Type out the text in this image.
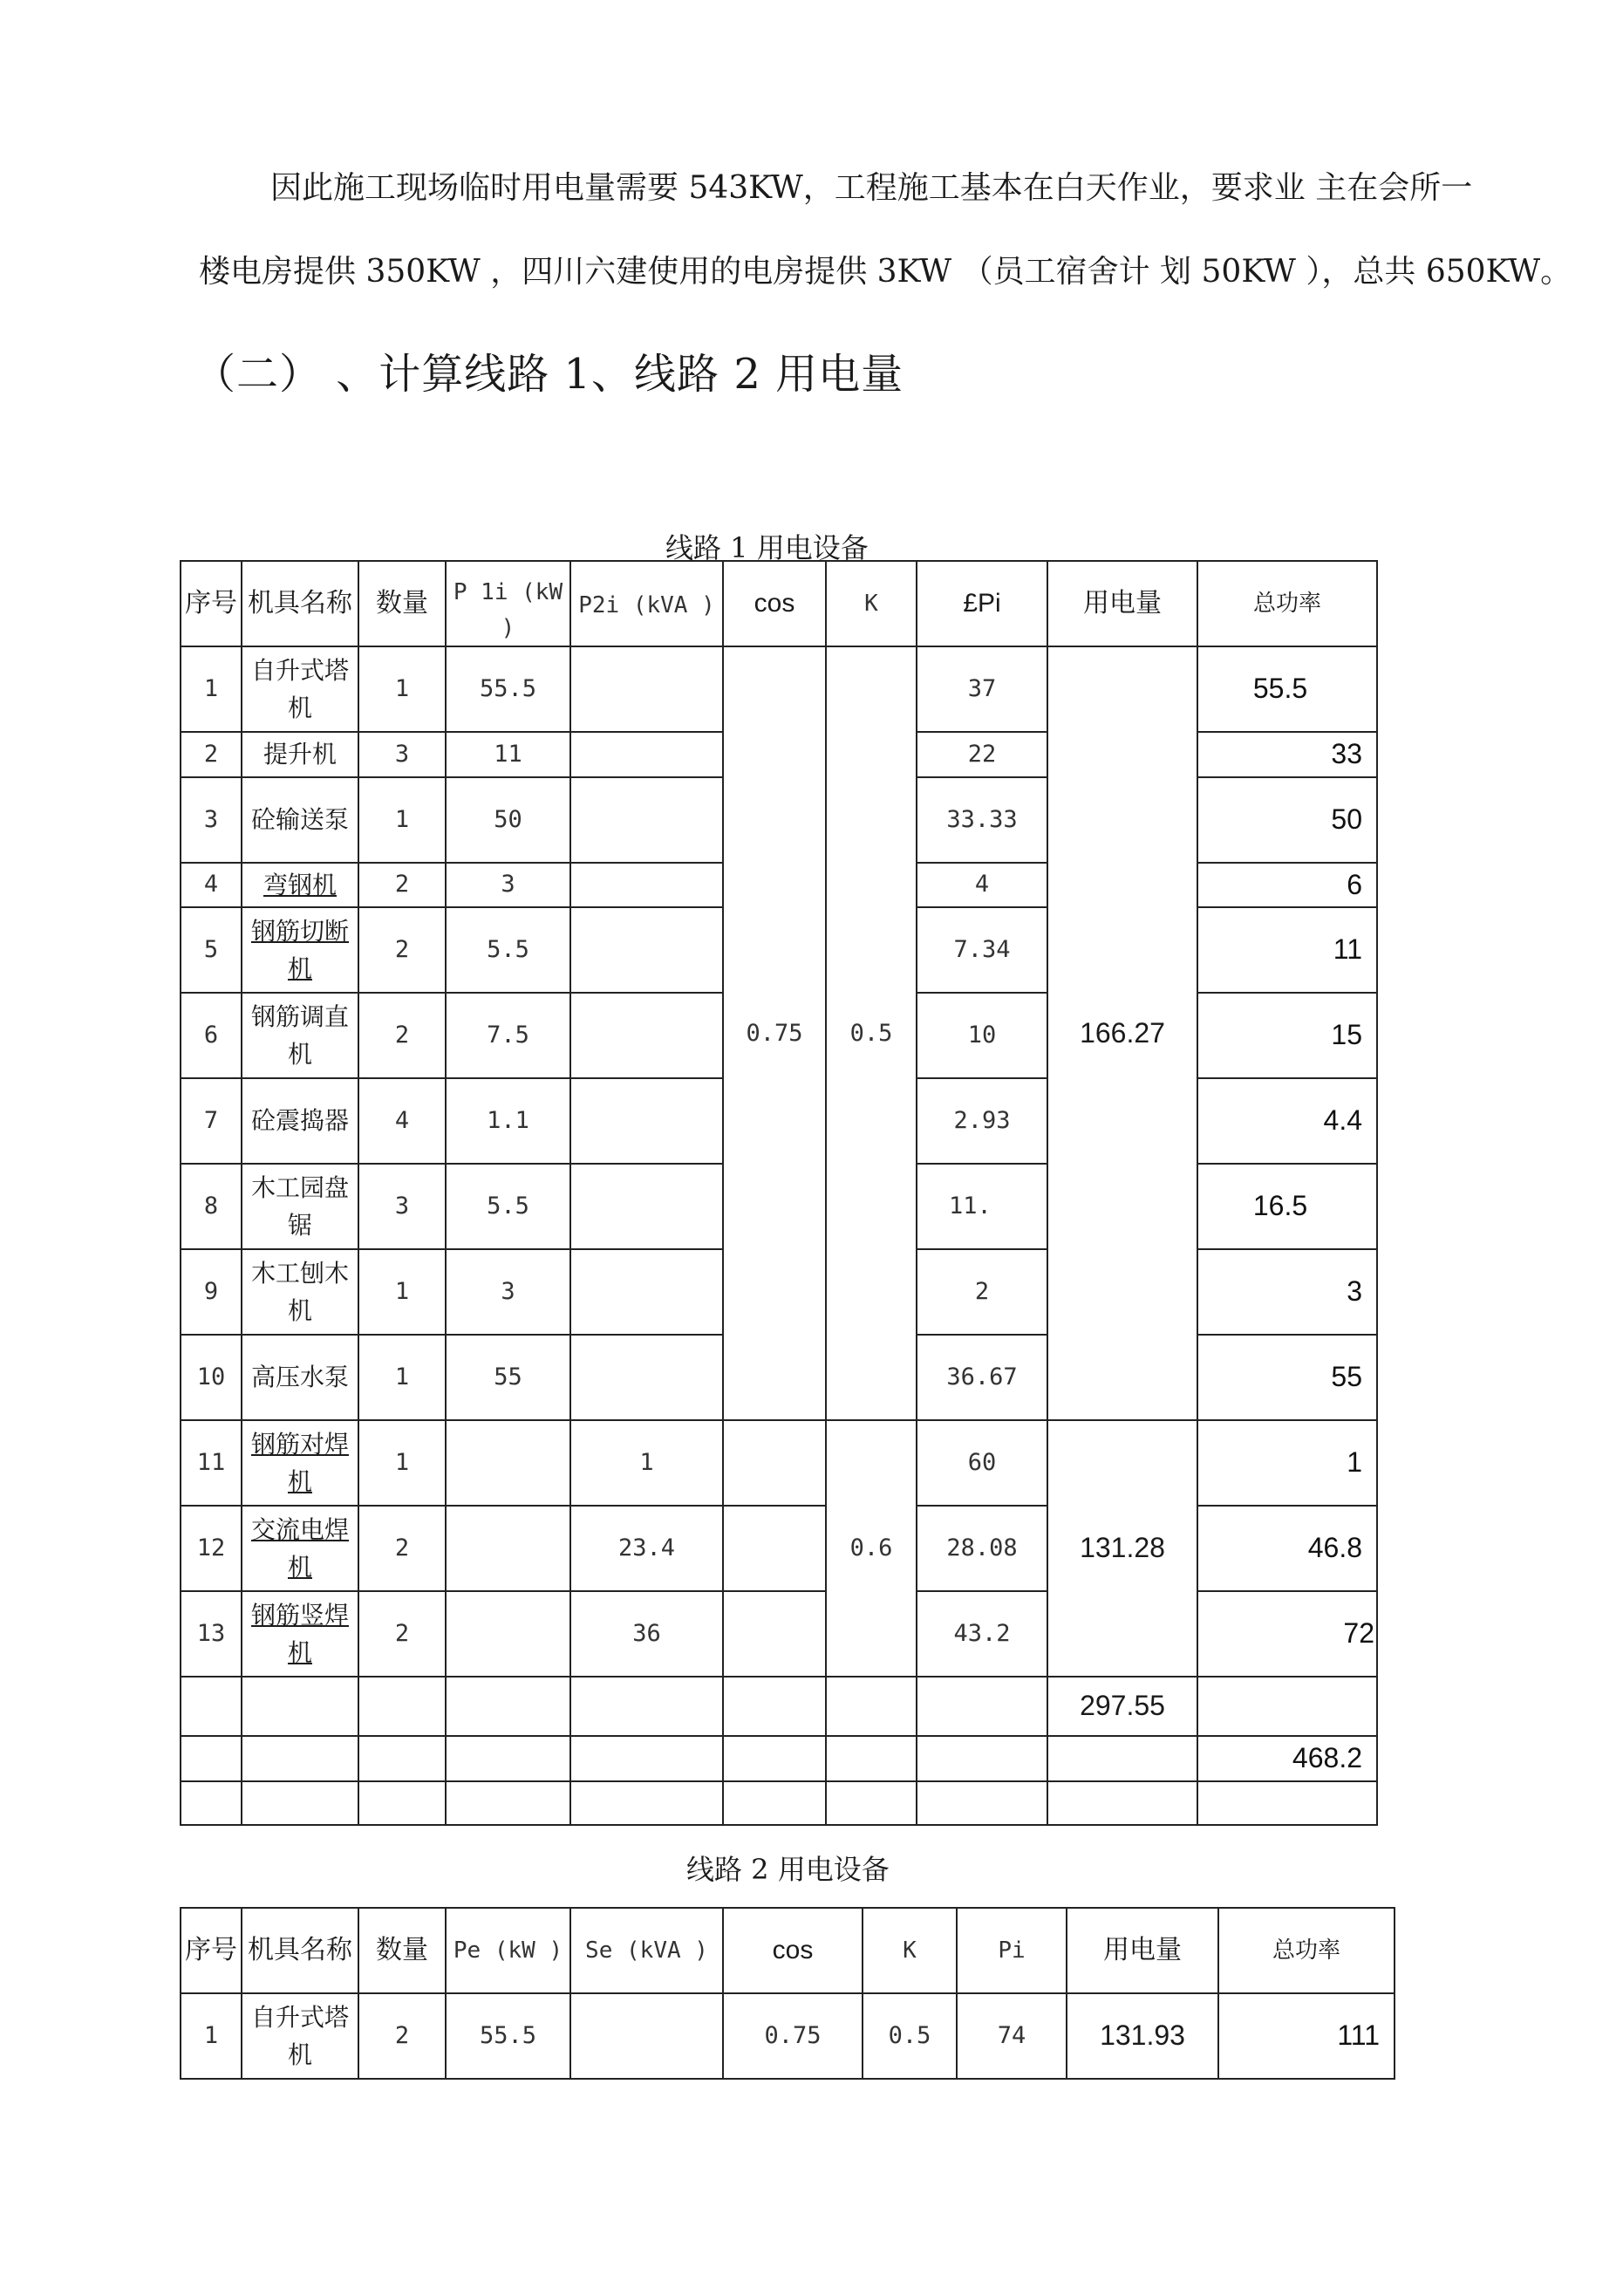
因此施工现场临时用电量需要 543KW，工程施工基本在白天作业，要求业 主在会所一
楼电房提供 350KW ，四川六建使用的电房提供 3KW （员工宿舍计 划 50KW ），总共 650KW。
（二） 、计算线路 1、线路 2 用电量
线路 1 用电设备
序号	机具名称	数量	P 1i (kW )	P2i (kVA )	cos	K	£Pi	用电量	总功率
1	自升式塔机	1	55.5		0.75	0.5	37	166.27	55.5
2	提升机	3	11				22		33
3	砼输送泵	1	50				33.33		50
4	弯钢机	2	3				4		6
5	钢筋切断机	2	5.5				7.34		11
6	钢筋调直机	2	7.5				10		15
7	砼震捣器	4	1.1				2.93		4.4
8	木工园盘锯	3	5.5				11.		16.5
9	木工刨木机	1	3				2		3
10	高压水泵	1	55				36.67		55
11	钢筋对焊机	1		1		0.6	60	131.28	1
12	交流电焊机	2		23.4			28.08		46.8
13	钢筋竖焊机	2		36			43.2		72
								297.55	
									468.2

线路 2 用电设备
序号	机具名称	数量	Pe (kW )	Se (kVA )	cos	K	Pi	用电量	总功率
1	自升式塔机	2	55.5		0.75	0.5	74	131.93	111
